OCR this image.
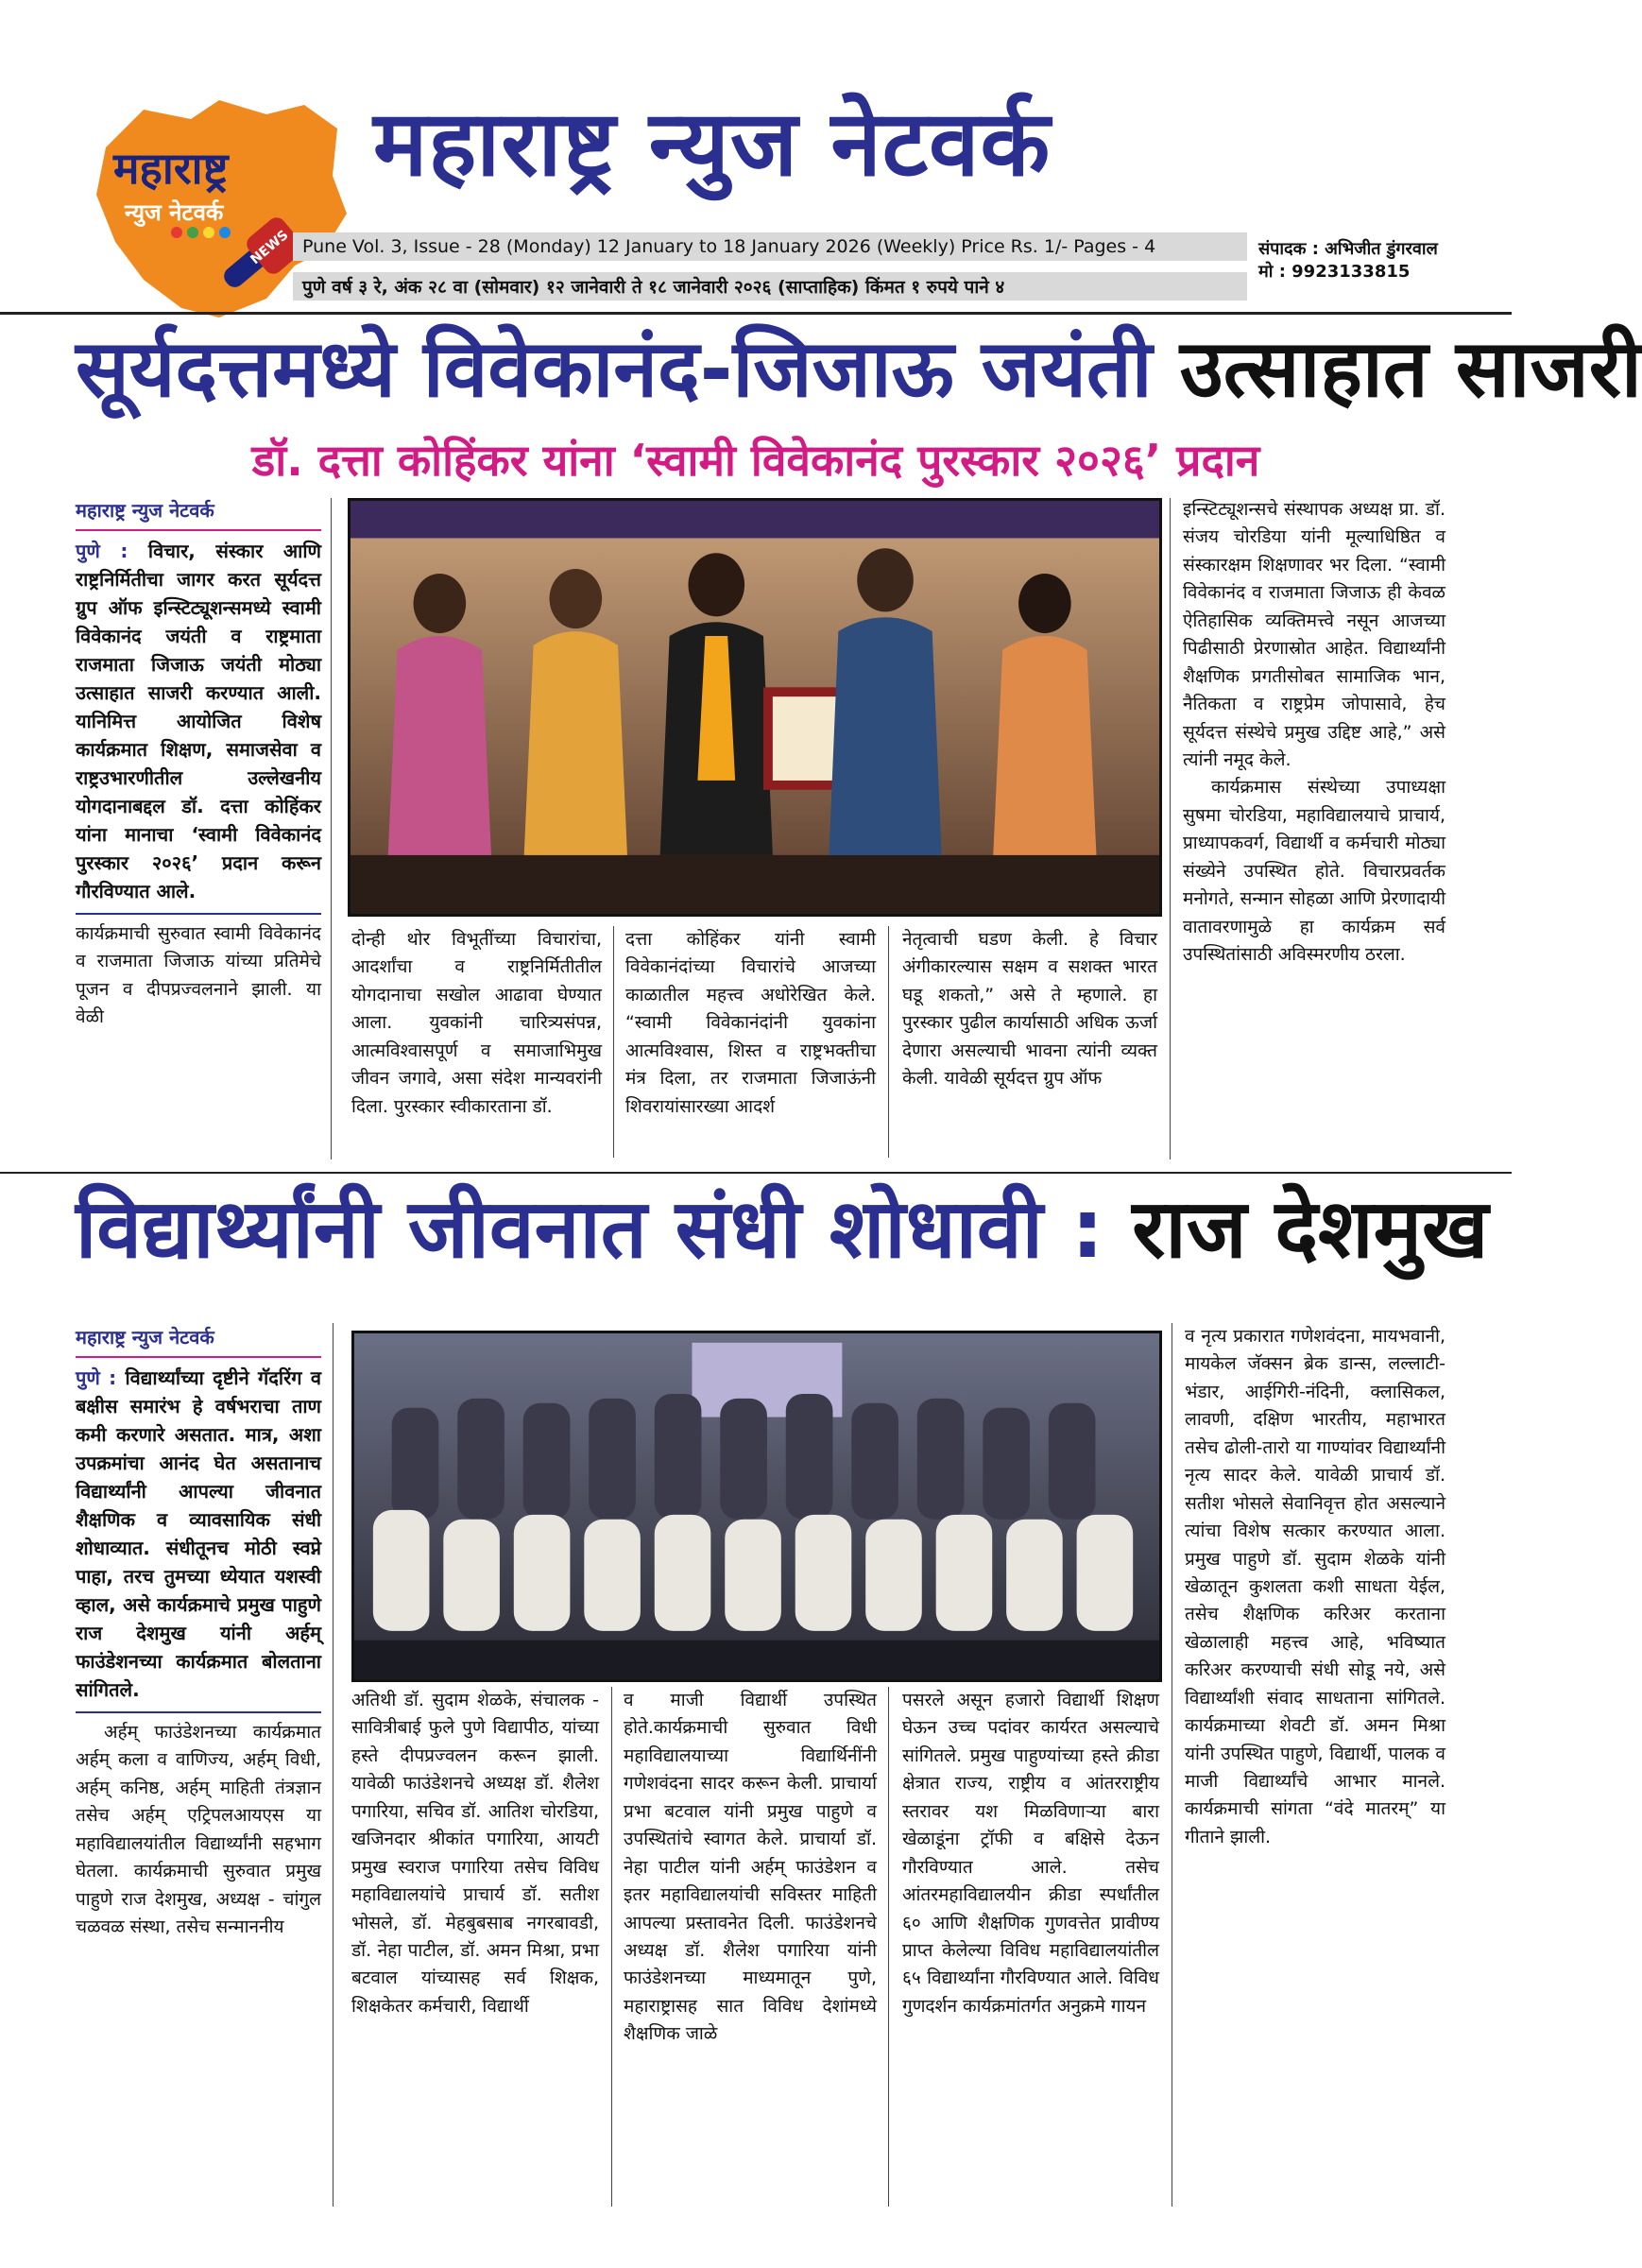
महाराष्ट्र
न्युज नेटवर्क
NEWS
महाराष्ट्र न्युज नेटवर्क
Pune Vol. 3, Issue - 28 (Monday) 12 January to 18 January 2026 (Weekly) Price Rs. 1/- Pages - 4
पुणे वर्ष ३ रे, अंक २८ वा (सोमवार) १२ जानेवारी ते १८ जानेवारी २०२६ (साप्ताहिक) किंमत १ रुपये पाने ४
संपादक : अभिजीत डुंगरवाल
मो : 9923133815
सूर्यदत्तमध्ये विवेकानंद-जिजाऊ जयंती उत्साहात साजरी
डॉ. दत्ता कोहिंकर यांना ‘स्वामी विवेकानंद पुरस्कार २०२६’ प्रदान
महाराष्ट्र न्युज नेटवर्क
पुणे : विचार, संस्कार आणि राष्ट्रनिर्मितीचा जागर करत सूर्यदत्त ग्रुप ऑफ इन्स्टिट्यूशन्समध्ये स्वामी विवेकानंद जयंती व राष्ट्रमाता राजमाता जिजाऊ जयंती मोठ्या उत्साहात साजरी करण्यात आली. यानिमित्त आयोजित विशेष कार्यक्रमात शिक्षण, समाजसेवा व राष्ट्रउभारणीतील उल्लेखनीय योगदानाबद्दल डॉ. दत्ता कोहिंकर यांना मानाचा ‘स्वामी विवेकानंद पुरस्कार २०२६’ प्रदान करून गौरविण्यात आले.
कार्यक्रमाची सुरुवात स्वामी विवेकानंद व राजमाता जिजाऊ यांच्या प्रतिमेचे पूजन व दीपप्रज्वलनाने झाली. या वेळी
दोन्ही थोर विभूतींच्या विचारांचा, आदर्शांचा व राष्ट्रनिर्मितीतील योगदानाचा सखोल आढावा घेण्यात आला. युवकांनी चारित्र्यसंपन्न, आत्मविश्वासपूर्ण व समाजाभिमुख जीवन जगावे, असा संदेश मान्यवरांनी दिला. पुरस्कार स्वीकारताना डॉ.
दत्ता कोहिंकर यांनी स्वामी विवेकानंदांच्या विचारांचे आजच्या काळातील महत्त्व अधोरेखित केले. “स्वामी विवेकानंदांनी युवकांना आत्मविश्वास, शिस्त व राष्ट्रभक्तीचा मंत्र दिला, तर राजमाता जिजाऊंनी शिवरायांसारख्या आदर्श
नेतृत्वाची घडण केली. हे विचार अंगीकारल्यास सक्षम व सशक्त भारत घडू शकतो,” असे ते म्हणाले. हा पुरस्कार पुढील कार्यासाठी अधिक ऊर्जा देणारा असल्याची भावना त्यांनी व्यक्त केली. यावेळी सूर्यदत्त ग्रुप ऑफ
इन्स्टिट्यूशन्सचे संस्थापक अध्यक्ष प्रा. डॉ. संजय चोरडिया यांनी मूल्याधिष्ठित व संस्कारक्षम शिक्षणावर भर दिला. “स्वामी विवेकानंद व राजमाता जिजाऊ ही केवळ ऐतिहासिक व्यक्तिमत्त्वे नसून आजच्या पिढीसाठी प्रेरणास्रोत आहेत. विद्यार्थ्यांनी शैक्षणिक प्रगतीसोबत सामाजिक भान, नैतिकता व राष्ट्रप्रेम जोपासावे, हेच सूर्यदत्त संस्थेचे प्रमुख उद्दिष्ट आहे,” असे त्यांनी नमूद केले.
कार्यक्रमास संस्थेच्या उपाध्यक्षा सुषमा चोरडिया, महाविद्यालयाचे प्राचार्य, प्राध्यापकवर्ग, विद्यार्थी व कर्मचारी मोठ्या संख्येने उपस्थित होते. विचारप्रवर्तक मनोगते, सन्मान सोहळा आणि प्रेरणादायी वातावरणामुळे हा कार्यक्रम सर्व उपस्थितांसाठी अविस्मरणीय ठरला.
विद्यार्थ्यांनी जीवनात संधी शोधावी : राज देशमुख
महाराष्ट्र न्युज नेटवर्क
पुणे : विद्यार्थ्यांच्या दृष्टीने गॅदरिंग व बक्षीस समारंभ हे वर्षभराचा ताण कमी करणारे असतात. मात्र, अशा उपक्रमांचा आनंद घेत असतानाच विद्यार्थ्यांनी आपल्या जीवनात शैक्षणिक व व्यावसायिक संधी शोधाव्यात. संधीतूनच मोठी स्वप्ने पाहा, तरच तुमच्या ध्येयात यशस्वी व्हाल, असे कार्यक्रमाचे प्रमुख पाहुणे राज देशमुख यांनी अर्हम् फाउंडेशनच्या कार्यक्रमात बोलताना सांगितले.
अर्हम् फाउंडेशनच्या कार्यक्रमात अर्हम् कला व वाणिज्य, अर्हम् विधी, अर्हम् कनिष्ठ, अर्हम् माहिती तंत्रज्ञान तसेच अर्हम् एट्रिपलआयएस या महाविद्यालयांतील विद्यार्थ्यांनी सहभाग घेतला. कार्यक्रमाची सुरुवात प्रमुख पाहुणे राज देशमुख, अध्यक्ष - चांगुल चळवळ संस्था, तसेच सन्माननीय
अतिथी डॉ. सुदाम शेळके, संचालक - सावित्रीबाई फुले पुणे विद्यापीठ, यांच्या हस्ते दीपप्रज्वलन करून झाली. यावेळी फाउंडेशनचे अध्यक्ष डॉ. शैलेश पगारिया, सचिव डॉ. आतिश चोरडिया, खजिनदार श्रीकांत पगारिया, आयटी प्रमुख स्वराज पगारिया तसेच विविध महाविद्यालयांचे प्राचार्य डॉ. सतीश भोसले, डॉ. मेहबुबसाब नगरबावडी, डॉ. नेहा पाटील, डॉ. अमन मिश्रा, प्रभा बटवाल यांच्यासह सर्व शिक्षक, शिक्षकेतर कर्मचारी, विद्यार्थी
व माजी विद्यार्थी उपस्थित होते.कार्यक्रमाची सुरुवात विधी महाविद्यालयाच्या विद्यार्थिनींनी गणेशवंदना सादर करून केली. प्राचार्या प्रभा बटवाल यांनी प्रमुख पाहुणे व उपस्थितांचे स्वागत केले. प्राचार्या डॉ. नेहा पाटील यांनी अर्हम् फाउंडेशन व इतर महाविद्यालयांची सविस्तर माहिती आपल्या प्रस्तावनेत दिली. फाउंडेशनचे अध्यक्ष डॉ. शैलेश पगारिया यांनी फाउंडेशनच्या माध्यमातून पुणे, महाराष्ट्रासह सात विविध देशांमध्ये शैक्षणिक जाळे
पसरले असून हजारो विद्यार्थी शिक्षण घेऊन उच्च पदांवर कार्यरत असल्याचे सांगितले. प्रमुख पाहुण्यांच्या हस्ते क्रीडा क्षेत्रात राज्य, राष्ट्रीय व आंतरराष्ट्रीय स्तरावर यश मिळविणाऱ्या बारा खेळाडूंना ट्रॉफी व बक्षिसे देऊन गौरविण्यात आले. तसेच आंतरमहाविद्यालयीन क्रीडा स्पर्धांतील ६० आणि शैक्षणिक गुणवत्तेत प्रावीण्य प्राप्त केलेल्या विविध महाविद्यालयांतील ६५ विद्यार्थ्यांना गौरविण्यात आले. विविध गुणदर्शन कार्यक्रमांतर्गत अनुक्रमे गायन
व नृत्य प्रकारात गणेशवंदना, मायभवानी, मायकेल जॅक्सन ब्रेक डान्स, लल्लाटी-भंडार, आईगिरी-नंदिनी, क्लासिकल, लावणी, दक्षिण भारतीय, महाभारत तसेच ढोली-तारो या गाण्यांवर विद्यार्थ्यांनी नृत्य सादर केले. यावेळी प्राचार्य डॉ. सतीश भोसले सेवानिवृत्त होत असल्याने त्यांचा विशेष सत्कार करण्यात आला. प्रमुख पाहुणे डॉ. सुदाम शेळके यांनी खेळातून कुशलता कशी साधता येईल, तसेच शैक्षणिक करिअर करताना खेळालाही महत्त्व आहे, भविष्यात करिअर करण्याची संधी सोडू नये, असे विद्यार्थ्यांशी संवाद साधताना सांगितले. कार्यक्रमाच्या शेवटी डॉ. अमन मिश्रा यांनी उपस्थित पाहुणे, विद्यार्थी, पालक व माजी विद्यार्थ्यांचे आभार मानले. कार्यक्रमाची सांगता “वंदे मातरम्” या गीताने झाली.
